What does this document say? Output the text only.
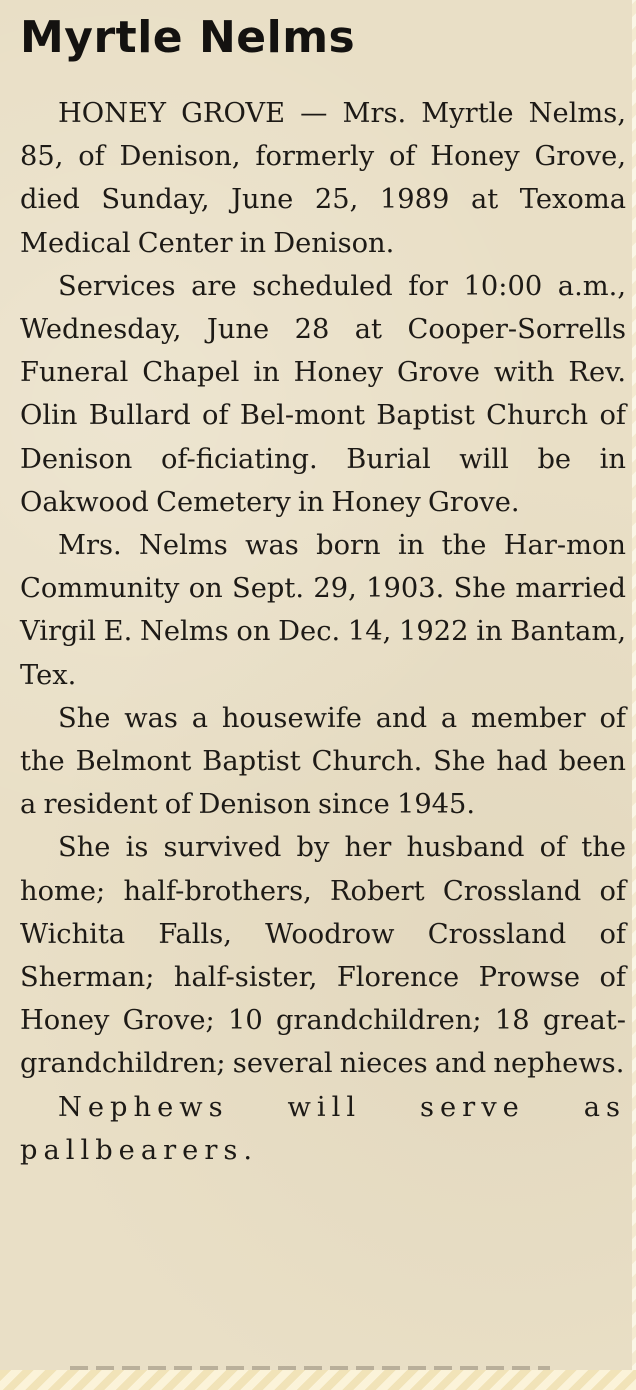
Myrtle Nelms

HONEY GROVE — Mrs. Myrtle Nelms, 85, of Denison, formerly of Honey Grove, died Sunday, June 25, 1989 at Texoma Medical Center in Denison.

Services are scheduled for 10:00 a.m., Wednesday, June 28 at Cooper-Sorrells Funeral Chapel in Honey Grove with Rev. Olin Bullard of Bel-mont Baptist Church of Denison of-ficiating. Burial will be in Oakwood Cemetery in Honey Grove.

Mrs. Nelms was born in the Har-mon Community on Sept. 29, 1903. She married Virgil E. Nelms on Dec. 14, 1922 in Bantam, Tex.

She was a housewife and a member of the Belmont Baptist Church. She had been a resident of Denison since 1945.

She is survived by her husband of the home; half-brothers, Robert Crossland of Wichita Falls, Woodrow Crossland of Sherman; half-sister, Florence Prowse of Honey Grove; 10 grandchildren; 18 great-grandchildren; several nieces and nephews.

Nephews will serve as pallbearers.
